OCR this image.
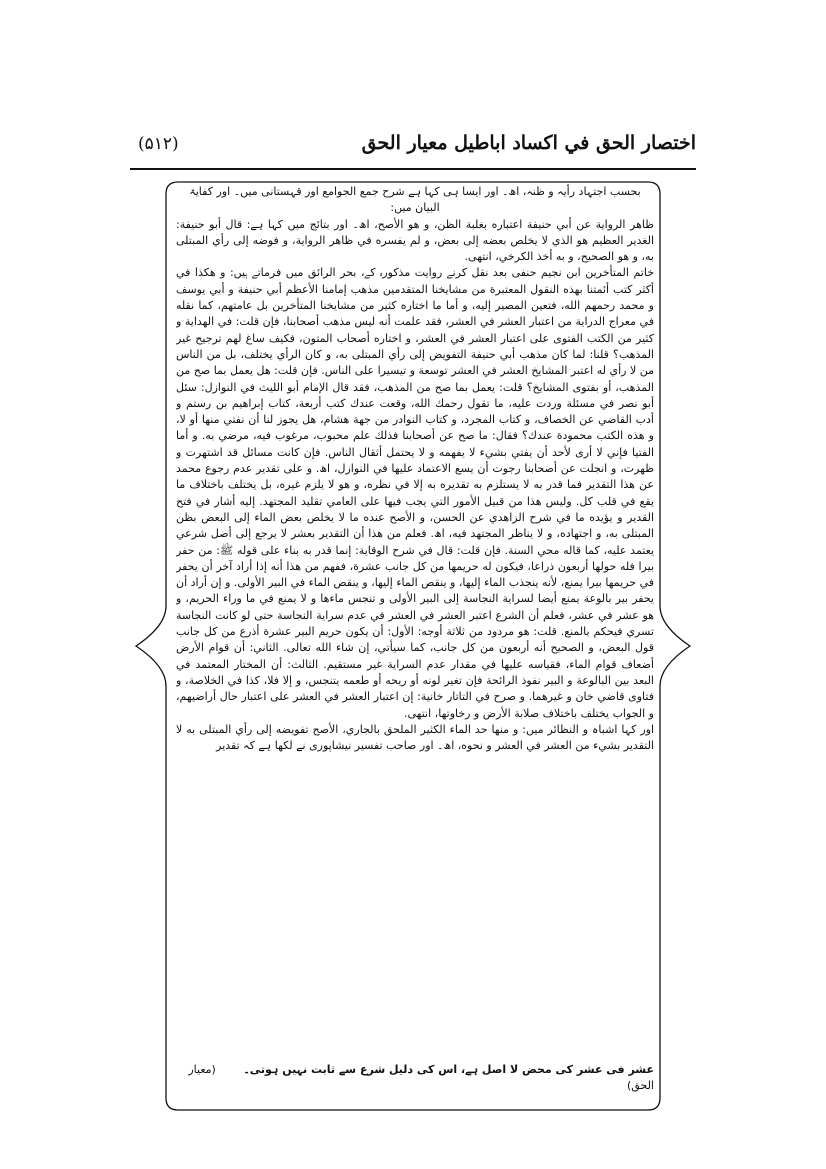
اختصار الحق في اكساد اباطيل معيار الحق
(۵۱۲)

بحسب اجتہاد رأیہ و ظنہ، اھ۔ اور ایسا ہی کہا ہے شرح جمع الجوامع اور قہستانی میں۔ اور کفایۃ البیان میں:

ظاهر الرواية عن أبي حنيفة اعتباره بغلبة الظن، و هو الأصح، اھ۔ اور بتائج میں کہا ہے: قال أبو حنيفة: الغدير العظيم هو الذي لا يخلص بعضه إلى بعض، و لم يفسره في ظاهر الرواية، و فوضه إلى رأي المبتلى به، و هو الصحيح، و به أخذ الكرخي، انتهى.

خاتم المتأخرين ابن نجیم حنفی بعد نقل کرنے روایت مذکورہ کے، بحر الرائق میں فرماتے ہیں: و هكذا في أكثر كتب أئمتنا بهذه النقول المعتبرة من مشايخنا المتقدمين مذهب إمامنا الأعظم أبي حنيفة و أبي يوسف و محمد رحمهم الله، فتعين المصير إليه، و أما ما اختاره كثير من مشايخنا المتأخرين بل عامتهم، كما نقله في معراج الدراية من اعتبار العشر في العشر، فقد علمت أنه ليس مذهب أصحابنا، فإن قلت: في الهداية و كثير من الكتب الفتوى على اعتبار العشر في العشر، و اختاره أصحاب المتون، فكيف ساغ لهم ترجيح غير المذهب؟ قلنا: لما كان مذهب أبي حنيفة التفويض إلى رأي المبتلى به، و كان الرأي يختلف، بل من الناس من لا رأي له اعتبر المشايخ العشر في العشر توسعة و تيسيرا على الناس. فإن قلت: هل يعمل بما صح من المذهب، أو بفتوى المشايخ؟ قلت: يعمل بما صح من المذهب، فقد قال الإمام أبو الليث في النوازل: سئل أبو نصر في مسئلة وردت عليه، ما تقول رحمك الله، وقعت عندك كتب أربعة، كتاب إبراهيم بن رستم و أدب القاضي عن الخصاف، و كتاب المجرد، و كتاب النوادر من جهة هشام، هل يجوز لنا أن نفتي منها أو لا، و هذه الكتب محمودة عندك؟ فقال: ما صح عن أصحابنا فذلك علم محبوب، مرغوب فيه، مرضي به. و أما الفتيا فإني لا أرى لأحد أن يفتي بشيء لا يفهمه و لا يحتمل أثقال الناس. فإن كانت مسائل قد اشتهرت و ظهرت، و انجلت عن أصحابنا رجوت أن يسع الاعتماد عليها في النوازل، اھ. و على تقدير عدم رجوع محمد عن هذا التقدير فما قدر به لا يستلزم به تقديره به إلا في نظره، و هو لا يلزم غيره، بل يختلف باختلاف ما يقع في قلب كل. وليس هذا من قبيل الأمور التي يجب فيها على العامي تقليد المجتهد. إليه أشار في فتح القدير و يؤيده ما في شرح الزاهدي عن الحسن، و الأصح عنده ما لا يخلص بعض الماء إلى البعض بظن المبتلى به، و اجتهاده، و لا يناظر المجتهد فيه، اھ. فعلم من هذا أن التقدير بعشر لا يرجع إلى أصل شرعي يعتمد عليه، كما قاله محي السنة. فإن قلت: قال في شرح الوقاية: إنما قدر به بناء على قوله ﷺ: من حفر بيرا فله حولها أربعون ذراعا، فيكون له حريمها من كل جانب عشرة، ففهم من هذا أنه إذا أراد آخر أن يحفر في حريمها بيرا يمنع، لأنه ينجذب الماء إليها، و ينقص الماء إليها، و ينقص الماء في البير الأولى. و إن أراد أن يحفر بير بالوعة يمنع أيضا لسراية النجاسة إلى البير الأولى و تنجس ماءها و لا يمنع في ما وراء الحريم، و هو عشر في عشر، فعلم أن الشرع اعتبر العشر في العشر في عدم سراية النجاسة حتى لو كانت النجاسة تسري فيحكم بالمنع. قلت: هو مردود من ثلاثة أوجه: الأول: أن يكون حريم البير عشرة أذرع من كل جانب قول البعض، و الصحيح أنه أربعون من كل جانب، كما سيأتي، إن شاء الله تعالى. الثاني: أن قوام الأرض أضعاف قوام الماء، فقياسه عليها في مقدار عدم السراية غير مستقيم. الثالث: أن المختار المعتمد في البعد بين البالوعة و البير نفوذ الرائحة فإن تغير لونه أو ريحه أو طعمه يتنجس، و إلا فلا، كذا في الخلاصة، و فتاوى قاضي خان و غيرهما. و صرح في التاتار خانية: إن اعتبار العشر في العشر على اعتبار حال أراضيهم، و الجواب يختلف باختلاف صلابة الأرض و رخاوتها، انتهى.

اور کہا اشباہ و النظائر میں: و منها حد الماء الكثير الملحق بالجاري، الأصح تفويضه إلى رأي المبتلى به لا التقدير بشيء من العشر في العشر و نحوه، اھ۔ اور صاحب تفسیر نیشاپوری نے لکھا ہے کہ تقدیر

عشر فی عشر کی محض لا اصل ہے، اس کی دلیل شرع سے ثابت نہیں ہوتی۔ (معیار الحق)
